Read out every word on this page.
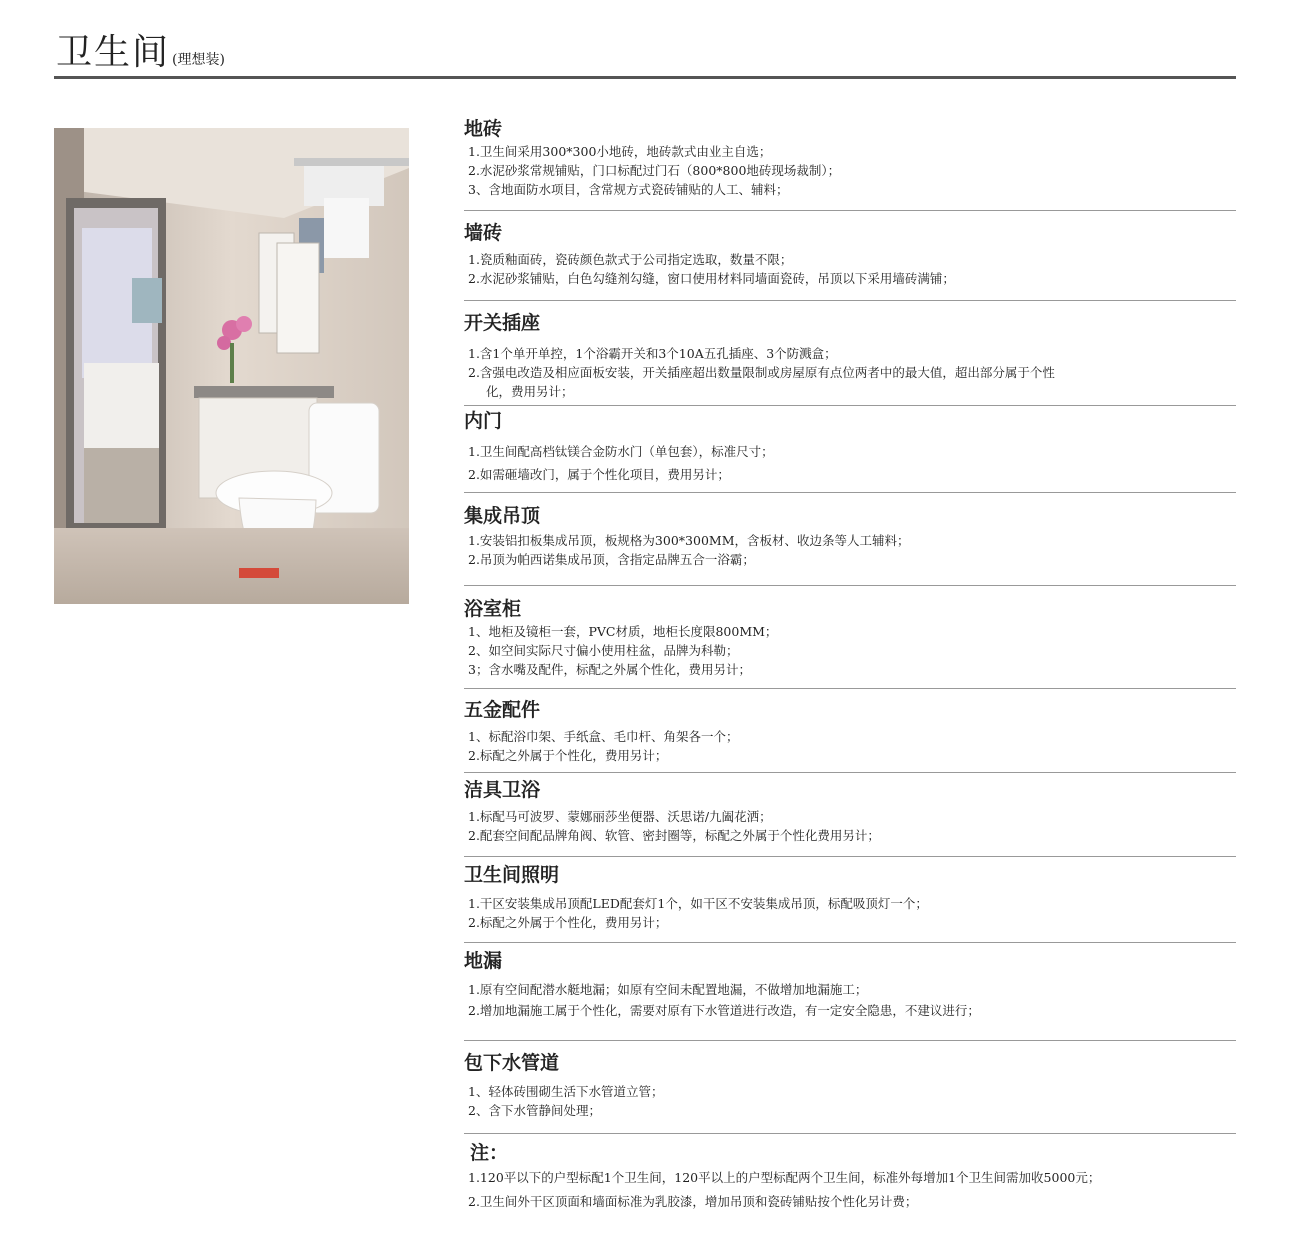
卫生间 (理想装)
地砖
1.卫生间采用300*300小地砖，地砖款式由业主自选；
2.水泥砂浆常规铺贴，门口标配过门石（800*800地砖现场裁制）；
3、含地面防水项目，含常规方式瓷砖铺贴的人工、辅料；
墙砖
1.瓷质釉面砖，瓷砖颜色款式于公司指定选取，数量不限；
2.水泥砂浆铺贴，白色勾缝剂勾缝，窗口使用材料同墙面瓷砖，吊顶以下采用墙砖满铺；
开关插座
1.含1个单开单控，1个浴霸开关和3个10A五孔插座、3个防溅盒；
2.含强电改造及相应面板安装，开关插座超出数量限制或房屋原有点位两者中的最大值，超出部分属于个性
化，费用另计；
内门
1.卫生间配高档钛镁合金防水门（单包套），标准尺寸；
2.如需砸墙改门，属于个性化项目，费用另计；
集成吊顶
1.安装铝扣板集成吊顶，板规格为300*300MM，含板材、收边条等人工辅料；
2.吊顶为帕西诺集成吊顶，含指定品牌五合一浴霸；
浴室柜
1、地柜及镜柜一套，PVC材质，地柜长度限800MM；
2、如空间实际尺寸偏小使用柱盆，品牌为科勒；
3；含水嘴及配件，标配之外属个性化，费用另计；
五金配件
1、标配浴巾架、手纸盒、毛巾杆、角架各一个；
2.标配之外属于个性化，费用另计；
洁具卫浴
1.标配马可波罗、蒙娜丽莎坐便器、沃思诺/九阖花洒；
2.配套空间配品牌角阀、软管、密封圈等，标配之外属于个性化费用另计；
卫生间照明
1.干区安装集成吊顶配LED配套灯1个，如干区不安装集成吊顶，标配吸顶灯一个；
2.标配之外属于个性化，费用另计；
地漏
1.原有空间配潜水艇地漏；如原有空间未配置地漏，不做增加地漏施工；
2.增加地漏施工属于个性化，需要对原有下水管道进行改造，有一定安全隐患，不建议进行；
包下水管道
1、轻体砖围砌生活下水管道立管；
2、含下水管静间处理；
注：
1.120平以下的户型标配1个卫生间，120平以上的户型标配两个卫生间，标准外每增加1个卫生间需加收5000元；
2.卫生间外干区顶面和墙面标准为乳胶漆，增加吊顶和瓷砖铺贴按个性化另计费；
